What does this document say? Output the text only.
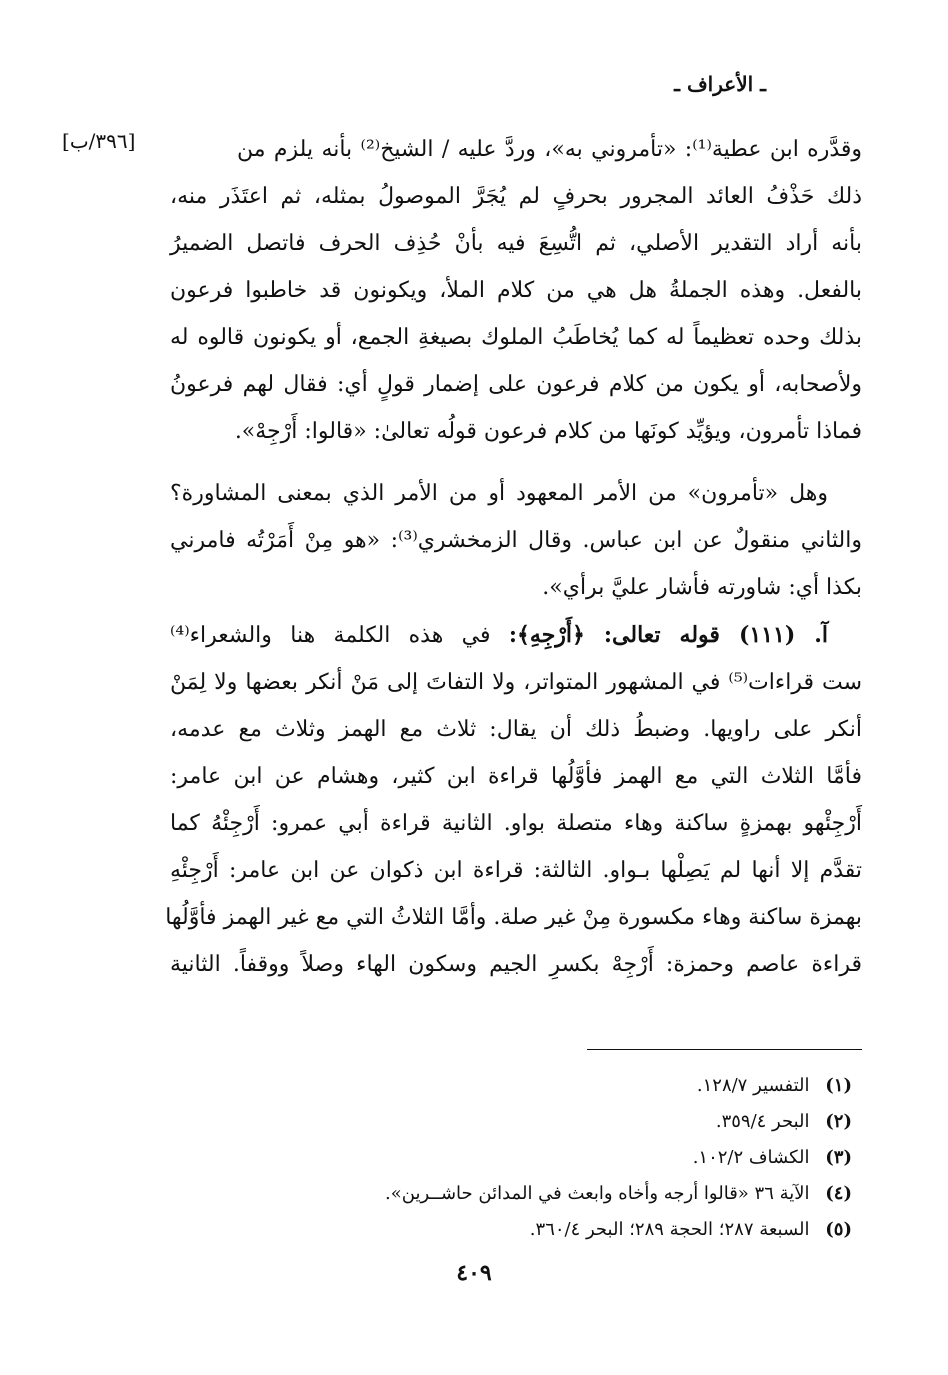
ـ الأعراف ـ
[٣٩٦/ب]	وقدَّره ابن عطية⁽¹⁾: «تأمروني به»، وردَّ عليه / الشيخ⁽²⁾ بأنه يلزم من
ذلك حَذْفُ العائد المجرور بحرفٍ لم يُجَرَّ الموصولُ بمثله، ثم اعتَذَر منه،
بأنه أراد التقدير الأصلي، ثم اتُّسِعَ فيه بأنْ حُذِف الحرف فاتصل الضميرُ
بالفعل. وهذه الجملةُ هل هي من كلام الملأ، ويكونون قد خاطبوا فرعون
بذلك وحده تعظيماً له كما يُخاطَبُ الملوك بصيغةِ الجمع، أو يكونون قالوه له
ولأصحابه، أو يكون من كلام فرعون على إضمار قولٍ أي: فقال لهم فرعونُ
فماذا تأمرون، ويؤيِّد كونَها من كلام فرعون قولُه تعالىٰ: «قالوا: أَرْجِهْ».
وهل «تأمرون» من الأمر المعهود أو من الأمر الذي بمعنى المشاورة؟
والثاني منقولٌ عن ابن عباس. وقال الزمخشري⁽³⁾: «هو مِنْ أَمَرْتُه فامرني
بكذا أي: شاورته فأشار عليَّ برأي».
آ. (١١١) قوله تعالى: ﴿أَرْجِهِ﴾: في هذه الكلمة هنا والشعراء⁽⁴⁾
ست قراءات⁽⁵⁾ في المشهور المتواتر، ولا التفاتَ إلى مَنْ أنكر بعضها ولا لِمَنْ
أنكر على راويها. وضبطُ ذلك أن يقال: ثلاث مع الهمز وثلاث مع عدمه،
فأمَّا الثلاث التي مع الهمز فأوَّلُها قراءة ابن كثير، وهشام عن ابن عامر:
أَرْجِئْهو بهمزةٍ ساكنة وهاء متصلة بواو. الثانية قراءة أبي عمرو: أَرْجِئْهُ كما
تقدَّم إلا أنها لم يَصِلْها بـواو. الثالثة: قراءة ابن ذكوان عن ابن عامر: أَرْجِئْهِ
بهمزة ساكنة وهاء مكسورة مِنْ غير صلة. وأمَّا الثلاثُ التي مع غير الهمز فأوَّلُها
قراءة عاصم وحمزة: أَرْجِهْ بكسرِ الجيم وسكون الهاء وصلاً ووقفاً. الثانية
(١) التفسير ١٢٨/٧.
(٢) البحر ٣٥٩/٤.
(٣) الكشاف ١٠٢/٢.
(٤) الآية ٣٦ «قالوا أرجه وأخاه وابعث في المدائن حاشــرين».
(٥) السبعة ٢٨٧؛ الحجة ٢٨٩؛ البحر ٣٦٠/٤.
٤٠٩
